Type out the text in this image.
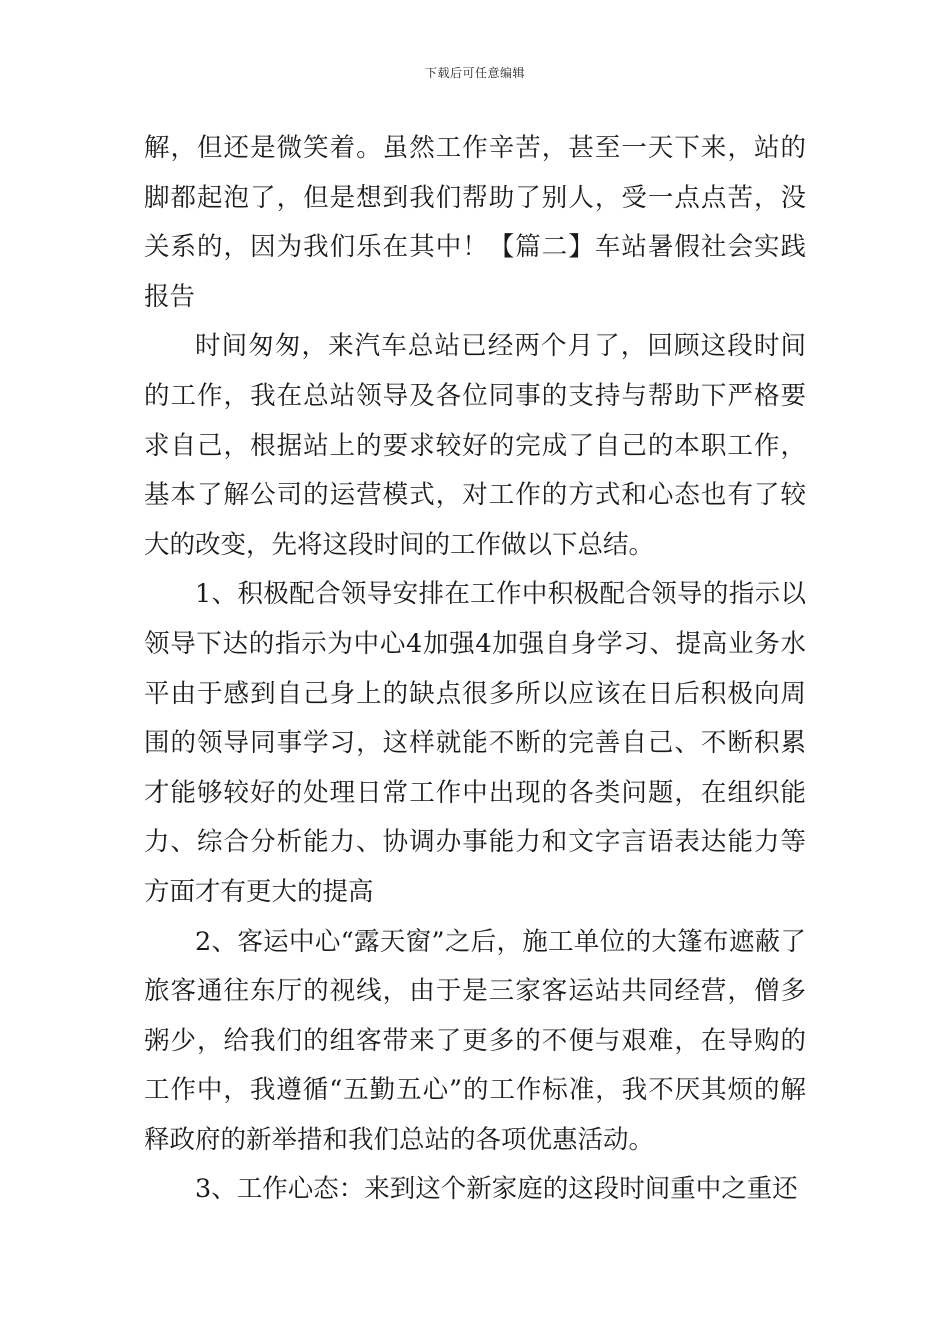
下载后可任意编辑

解，但还是微笑着。虽然工作辛苦，甚至一天下来，站的脚都起泡了，但是想到我们帮助了别人，受一点点苦，没关系的，因为我们乐在其中！【篇二】车站暑假社会实践报告

时间匆匆，来汽车总站已经两个月了，回顾这段时间的工作，我在总站领导及各位同事的支持与帮助下严格要求自己，根据站上的要求较好的完成了自己的本职工作，基本了解公司的运营模式，对工作的方式和心态也有了较大的改变，先将这段时间的工作做以下总结。

1、积极配合领导安排在工作中积极配合领导的指示以领导下达的指示为中心4加强4加强自身学习、提高业务水平由于感到自己身上的缺点很多所以应该在日后积极向周围的领导同事学习，这样就能不断的完善自己、不断积累才能够较好的处理日常工作中出现的各类问题，在组织能力、综合分析能力、协调办事能力和文字言语表达能力等方面才有更大的提高

2、客运中心“露天窗”之后，施工单位的大篷布遮蔽了旅客通往东厅的视线，由于是三家客运站共同经营，僧多粥少，给我们的组客带来了更多的不便与艰难，在导购的工作中，我遵循“五勤五心”的工作标准，我不厌其烦的解释政府的新举措和我们总站的各项优惠活动。

3、工作心态：来到这个新家庭的这段时间重中之重还
